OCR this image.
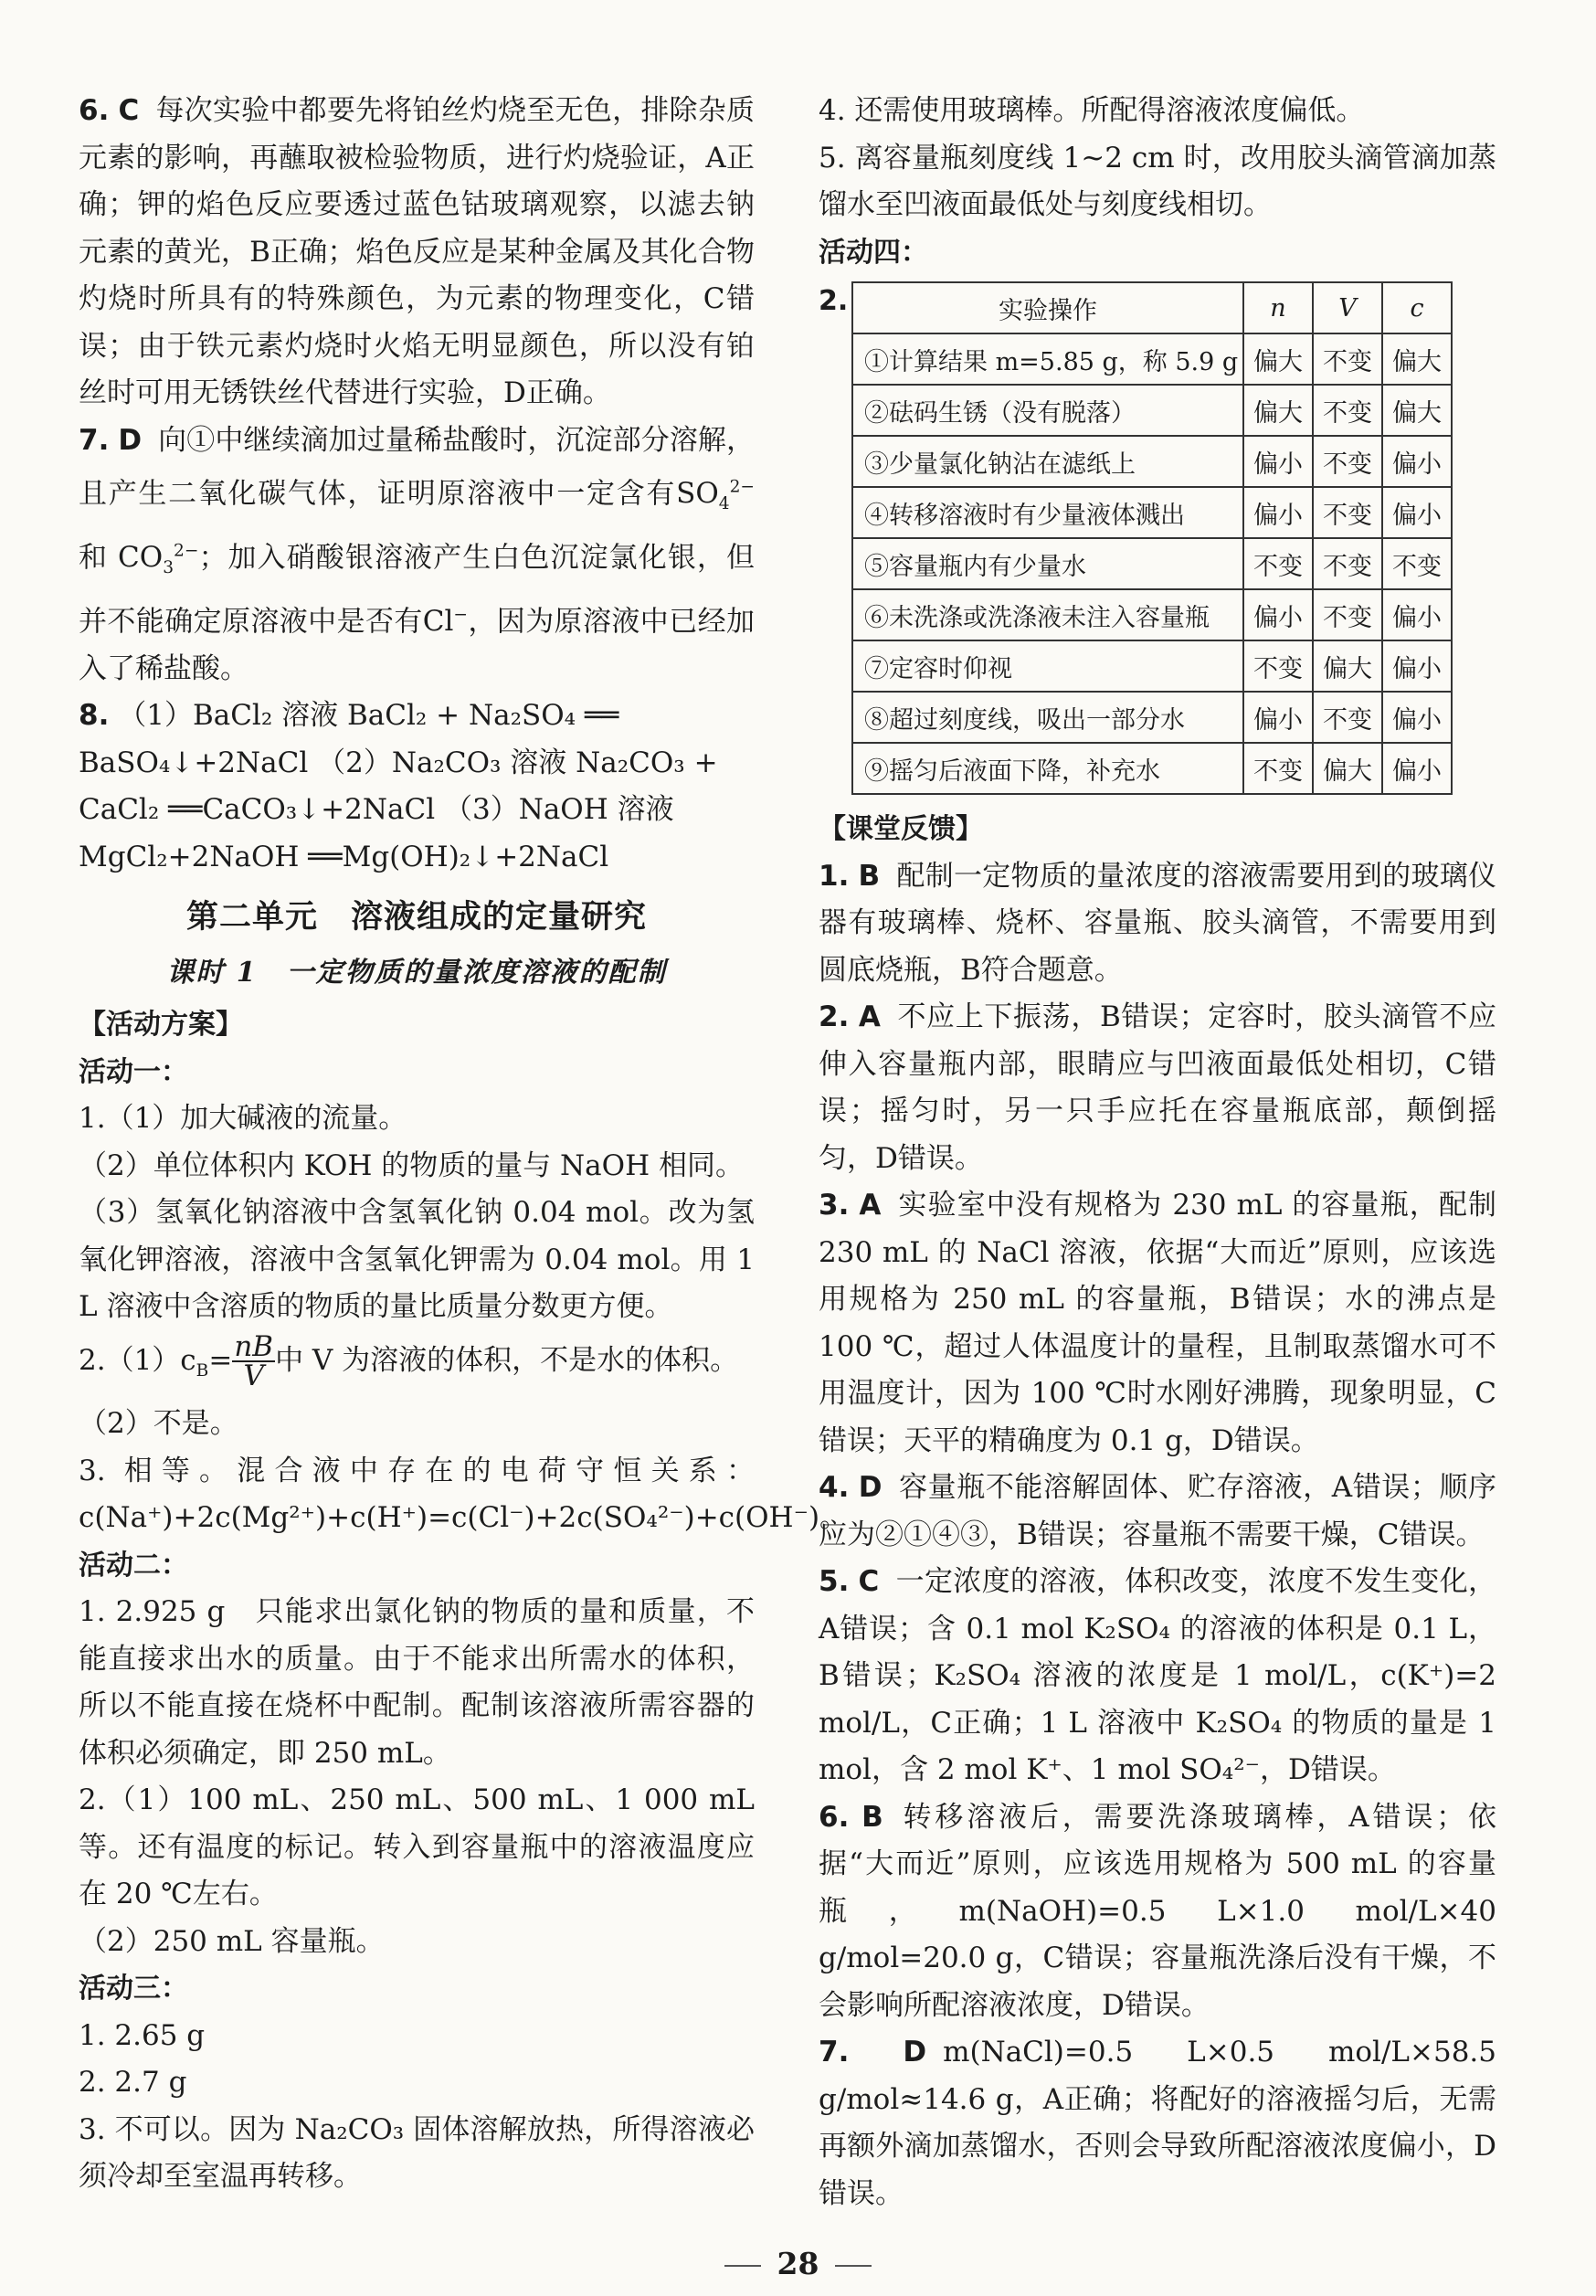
6. C 每次实验中都要先将铂丝灼烧至无色，排除杂质元素的影响，再蘸取被检验物质，进行灼烧验证，A正确；钾的焰色反应要透过蓝色钴玻璃观察，以滤去钠元素的黄光，B正确；焰色反应是某种金属及其化合物灼烧时所具有的特殊颜色，为元素的物理变化，C错误；由于铁元素灼烧时火焰无明显颜色，所以没有铂丝时可用无锈铁丝代替进行实验，D正确。

7. D 向①中继续滴加过量稀盐酸时，沉淀部分溶解，且产生二氧化碳气体，证明原溶液中一定含有$SO_4^{2-}$ 和 $CO_3^{2-}$；加入硝酸银溶液产生白色沉淀氯化银，但并不能确定原溶液中是否有Cl−，因为原溶液中已经加入了稀盐酸。

8. （1）BaCl₂ 溶液 BaCl₂ + Na₂SO₄ ══

BaSO₄↓+2NaCl （2）Na₂CO₃ 溶液 Na₂CO₃ +

CaCl₂ ══CaCO₃↓+2NaCl （3）NaOH 溶液

MgCl₂+2NaOH ══Mg(OH)₂↓+2NaCl

第二单元　溶液组成的定量研究
课时 1　一定物质的量浓度溶液的配制
【活动方案】
活动一：

1.（1）加大碱液的流量。

（2）单位体积内 KOH 的物质的量与 NaOH 相同。

（3）氢氧化钠溶液中含氢氧化钠 0.04 mol。改为氢氧化钾溶液，溶液中含氢氧化钾需为 0.04 mol。用 1 L 溶液中含溶质的物质的量比质量分数更方便。

$2.(1)c_B= \frac{nB}{V}$ 中 V 为溶液的体积，不是水的体积。

（2）不是。

3. 相等。混合液中存在的电荷守恒关系：c(Na⁺)+2c(Mg²⁺)+c(H⁺)=c(Cl⁻)+2c(SO₄²⁻)+c(OH⁻)。

活动二：

1. 2.925 g　只能求出氯化钠的物质的量和质量，不能直接求出水的质量。由于不能求出所需水的体积，所以不能直接在烧杯中配制。配制该溶液所需容器的体积必须确定，即 250 mL。

2.（1）100 mL、250 mL、500 mL、1 000 mL 等。还有温度的标记。转入到容量瓶中的溶液温度应在 20 ℃左右。

（2）250 mL 容量瓶。

活动三：

1. 2.65 g

2. 2.7 g

3. 不可以。因为 Na₂CO₃ 固体溶解放热，所得溶液必须冷却至室温再转移。

4. 还需使用玻璃棒。所配得溶液浓度偏低。

5. 离容量瓶刻度线 1~2 cm 时，改用胶头滴管滴加蒸馏水至凹液面最低处与刻度线相切。

活动四：
2.	实验操作	n	V	c
①计算结果 m=5.85 g，称 5.9 g	偏大	不变	偏大
②砝码生锈（没有脱落）	偏大	不变	偏大
③少量氯化钠沾在滤纸上	偏小	不变	偏小
④转移溶液时有少量液体溅出	偏小	不变	偏小
⑤容量瓶内有少量水	不变	不变	不变
⑥未洗涤或洗涤液未注入容量瓶	偏小	不变	偏小
⑦定容时仰视	不变	偏大	偏小
⑧超过刻度线，吸出一部分水	偏小	不变	偏小
⑨摇匀后液面下降，补充水	不变	偏大	偏小
【课堂反馈】

1. B 配制一定物质的量浓度的溶液需要用到的玻璃仪器有玻璃棒、烧杯、容量瓶、胶头滴管，不需要用到圆底烧瓶，B符合题意。

2. A 不应上下振荡，B错误；定容时，胶头滴管不应伸入容量瓶内部，眼睛应与凹液面最低处相切，C错误；摇匀时，另一只手应托在容量瓶底部，颠倒摇匀，D错误。

3. A 实验室中没有规格为 230 mL 的容量瓶，配制 230 mL 的 NaCl 溶液，依据“大而近”原则，应该选用规格为 250 mL 的容量瓶，B错误；水的沸点是 100 ℃，超过人体温度计的量程，且制取蒸馏水可不用温度计，因为 100 ℃时水刚好沸腾，现象明显，C错误；天平的精确度为 0.1 g，D错误。

4. D 容量瓶不能溶解固体、贮存溶液，A错误；顺序应为②①④③，B错误；容量瓶不需要干燥，C错误。

5. C 一定浓度的溶液，体积改变，浓度不发生变化，A错误；含 0.1 mol K₂SO₄ 的溶液的体积是 0.1 L，B错误；K₂SO₄ 溶液的浓度是 1 mol/L，c(K⁺)=2 mol/L，C正确；1 L 溶液中 K₂SO₄ 的物质的量是 1 mol，含 2 mol K⁺、1 mol SO₄²⁻，D错误。

6. B 转移溶液后，需要洗涤玻璃棒，A错误；依据“大而近”原则，应该选用规格为 500 mL 的容量瓶，m(NaOH)=0.5 L×1.0 mol/L×40 g/mol=20.0 g，C错误；容量瓶洗涤后没有干燥，不会影响所配溶液浓度，D错误。

7. D m(NaCl)=0.5 L×0.5 mol/L×58.5 g/mol≈14.6 g，A正确；将配好的溶液摇匀后，无需再额外滴加蒸馏水，否则会导致所配溶液浓度偏小，D错误。

28
